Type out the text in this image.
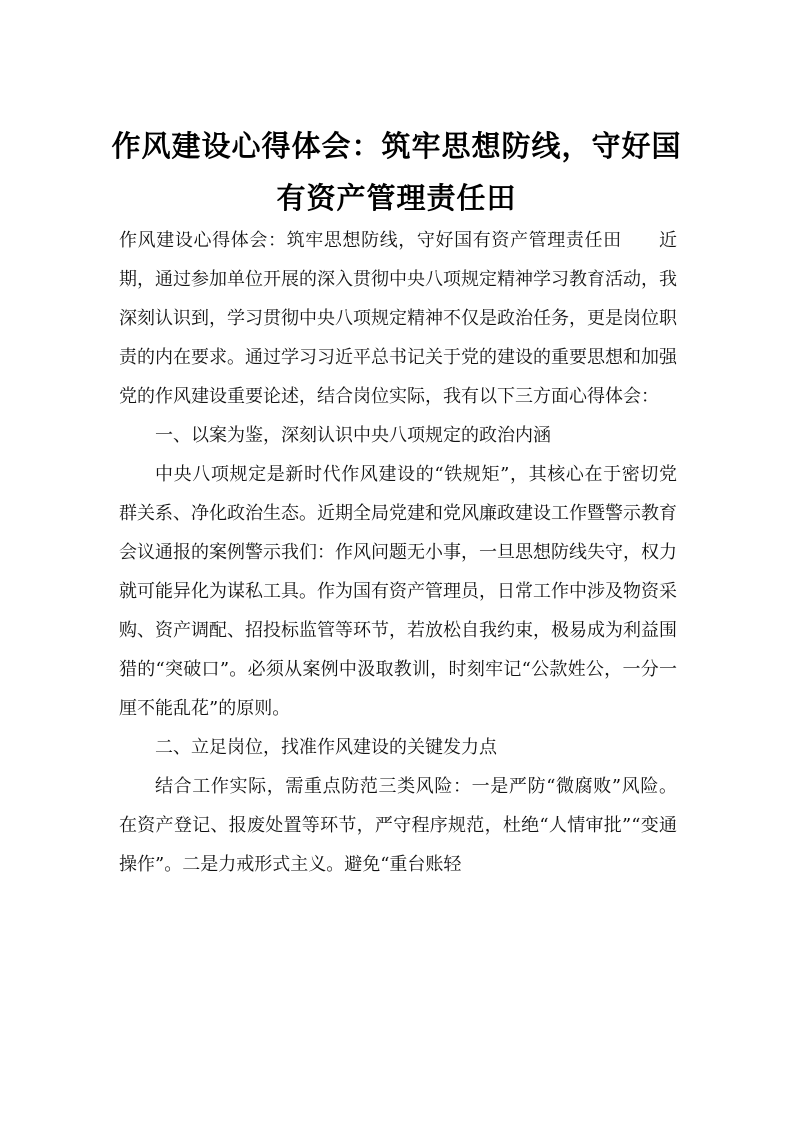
作风建设心得体会：筑牢思想防线，守好国有资产管理责任田

作风建设心得体会：筑牢思想防线，守好国有资产管理责任田　　近期，通过参加单位开展的深入贯彻中央八项规定精神学习教育活动，我深刻认识到，学习贯彻中央八项规定精神不仅是政治任务，更是岗位职责的内在要求。通过学习习近平总书记关于党的建设的重要思想和加强党的作风建设重要论述，结合岗位实际，我有以下三方面心得体会：

一、以案为鉴，深刻认识中央八项规定的政治内涵

中央八项规定是新时代作风建设的“铁规矩”，其核心在于密切党群关系、净化政治生态。近期全局党建和党风廉政建设工作暨警示教育会议通报的案例警示我们：作风问题无小事，一旦思想防线失守，权力就可能异化为谋私工具。作为国有资产管理员，日常工作中涉及物资采购、资产调配、招投标监管等环节，若放松自我约束，极易成为利益围猎的“突破口”。必须从案例中汲取教训，时刻牢记“公款姓公，一分一厘不能乱花”的原则。

二、立足岗位，找准作风建设的关键发力点

结合工作实际，需重点防范三类风险：一是严防“微腐败”风险。在资产登记、报废处置等环节，严守程序规范，杜绝“人情审批”“变通操作”。二是力戒形式主义。避免“重台账轻
